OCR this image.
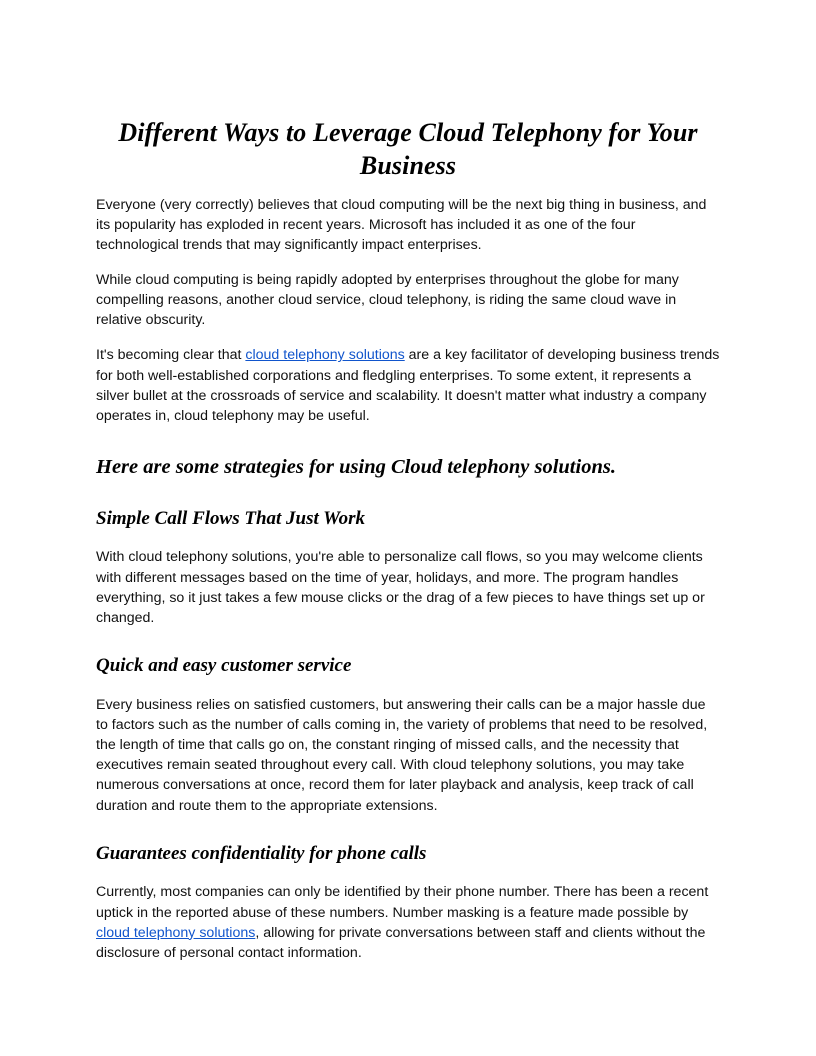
Different Ways to Leverage Cloud Telephony for Your Business

Everyone (very correctly) believes that cloud computing will be the next big thing in business, and its popularity has exploded in recent years. Microsoft has included it as one of the four technological trends that may significantly impact enterprises.

While cloud computing is being rapidly adopted by enterprises throughout the globe for many compelling reasons, another cloud service, cloud telephony, is riding the same cloud wave in relative obscurity.

It's becoming clear that cloud telephony solutions are a key facilitator of developing business trends for both well-established corporations and fledgling enterprises. To some extent, it represents a silver bullet at the crossroads of service and scalability. It doesn't matter what industry a company operates in, cloud telephony may be useful.

Here are some strategies for using Cloud telephony solutions.
Simple Call Flows That Just Work

With cloud telephony solutions, you're able to personalize call flows, so you may welcome clients with different messages based on the time of year, holidays, and more. The program handles everything, so it just takes a few mouse clicks or the drag of a few pieces to have things set up or changed.

Quick and easy customer service

Every business relies on satisfied customers, but answering their calls can be a major hassle due to factors such as the number of calls coming in, the variety of problems that need to be resolved, the length of time that calls go on, the constant ringing of missed calls, and the necessity that executives remain seated throughout every call. With cloud telephony solutions, you may take numerous conversations at once, record them for later playback and analysis, keep track of call duration and route them to the appropriate extensions.

Guarantees confidentiality for phone calls

Currently, most companies can only be identified by their phone number. There has been a recent uptick in the reported abuse of these numbers. Number masking is a feature made possible by cloud telephony solutions, allowing for private conversations between staff and clients without the disclosure of personal contact information.
